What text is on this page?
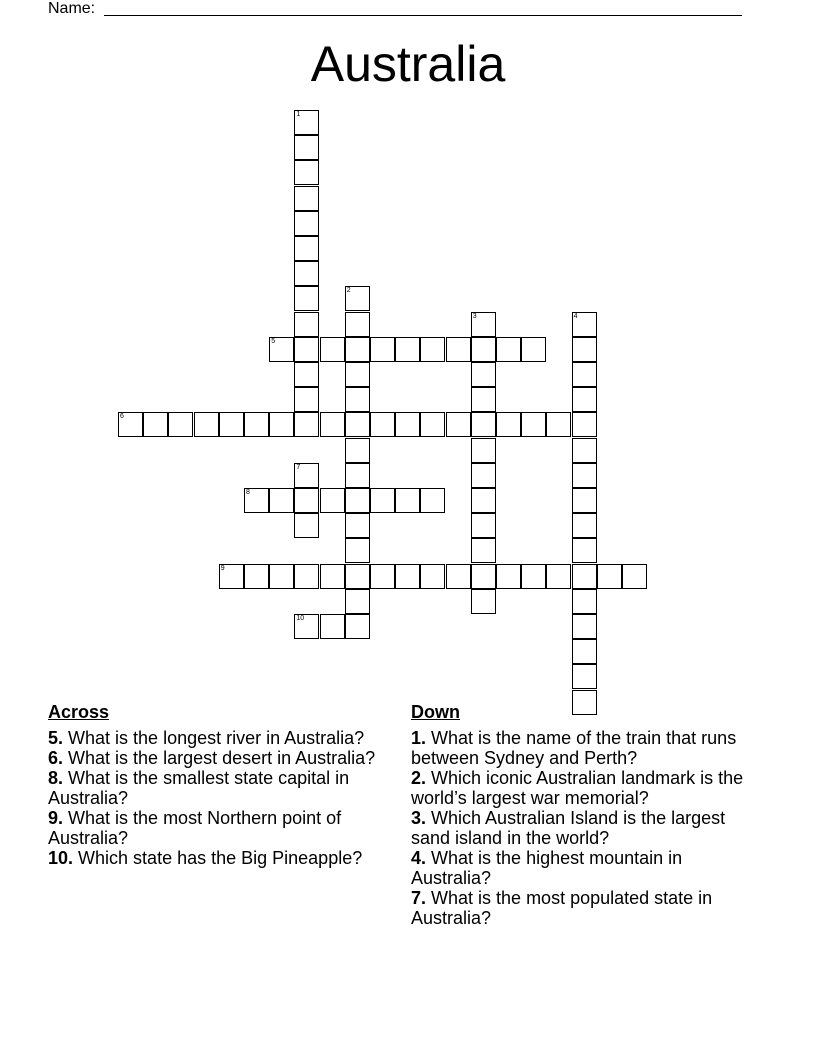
Name:
Australia
1
2
3	4
5
6
7
8
9
10
Across
5. What is the longest river in Australia?
6. What is the largest desert in Australia?
8. What is the smallest state capital in Australia?
9. What is the most Northern point of Australia?
10. Which state has the Big Pineapple?
Down
1. What is the name of the train that runs between Sydney and Perth?
2. Which iconic Australian landmark is the world’s largest war memorial?
3. Which Australian Island is the largest sand island in the world?
4. What is the highest mountain in Australia?
7. What is the most populated state in Australia?
